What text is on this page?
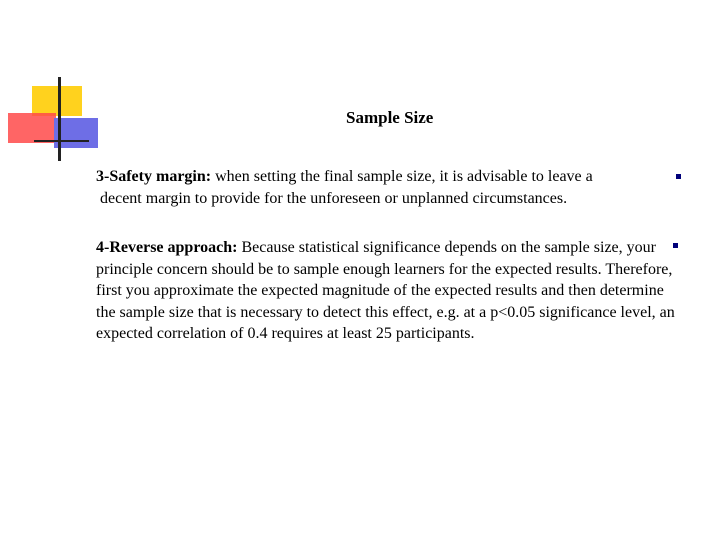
Sample Size

3-Safety margin: when setting the final sample size, it is advisable to leave a
decent margin to provide for the unforeseen or unplanned circumstances.

4-Reverse approach: Because statistical significance depends on the sample size, your principle concern should be to sample enough learners for the expected results. Therefore, first you approximate the expected magnitude of the expected results and then determine the sample size that is necessary to detect this effect, e.g. at a p<0.05 significance level, an expected correlation of 0.4 requires at least 25 participants.
